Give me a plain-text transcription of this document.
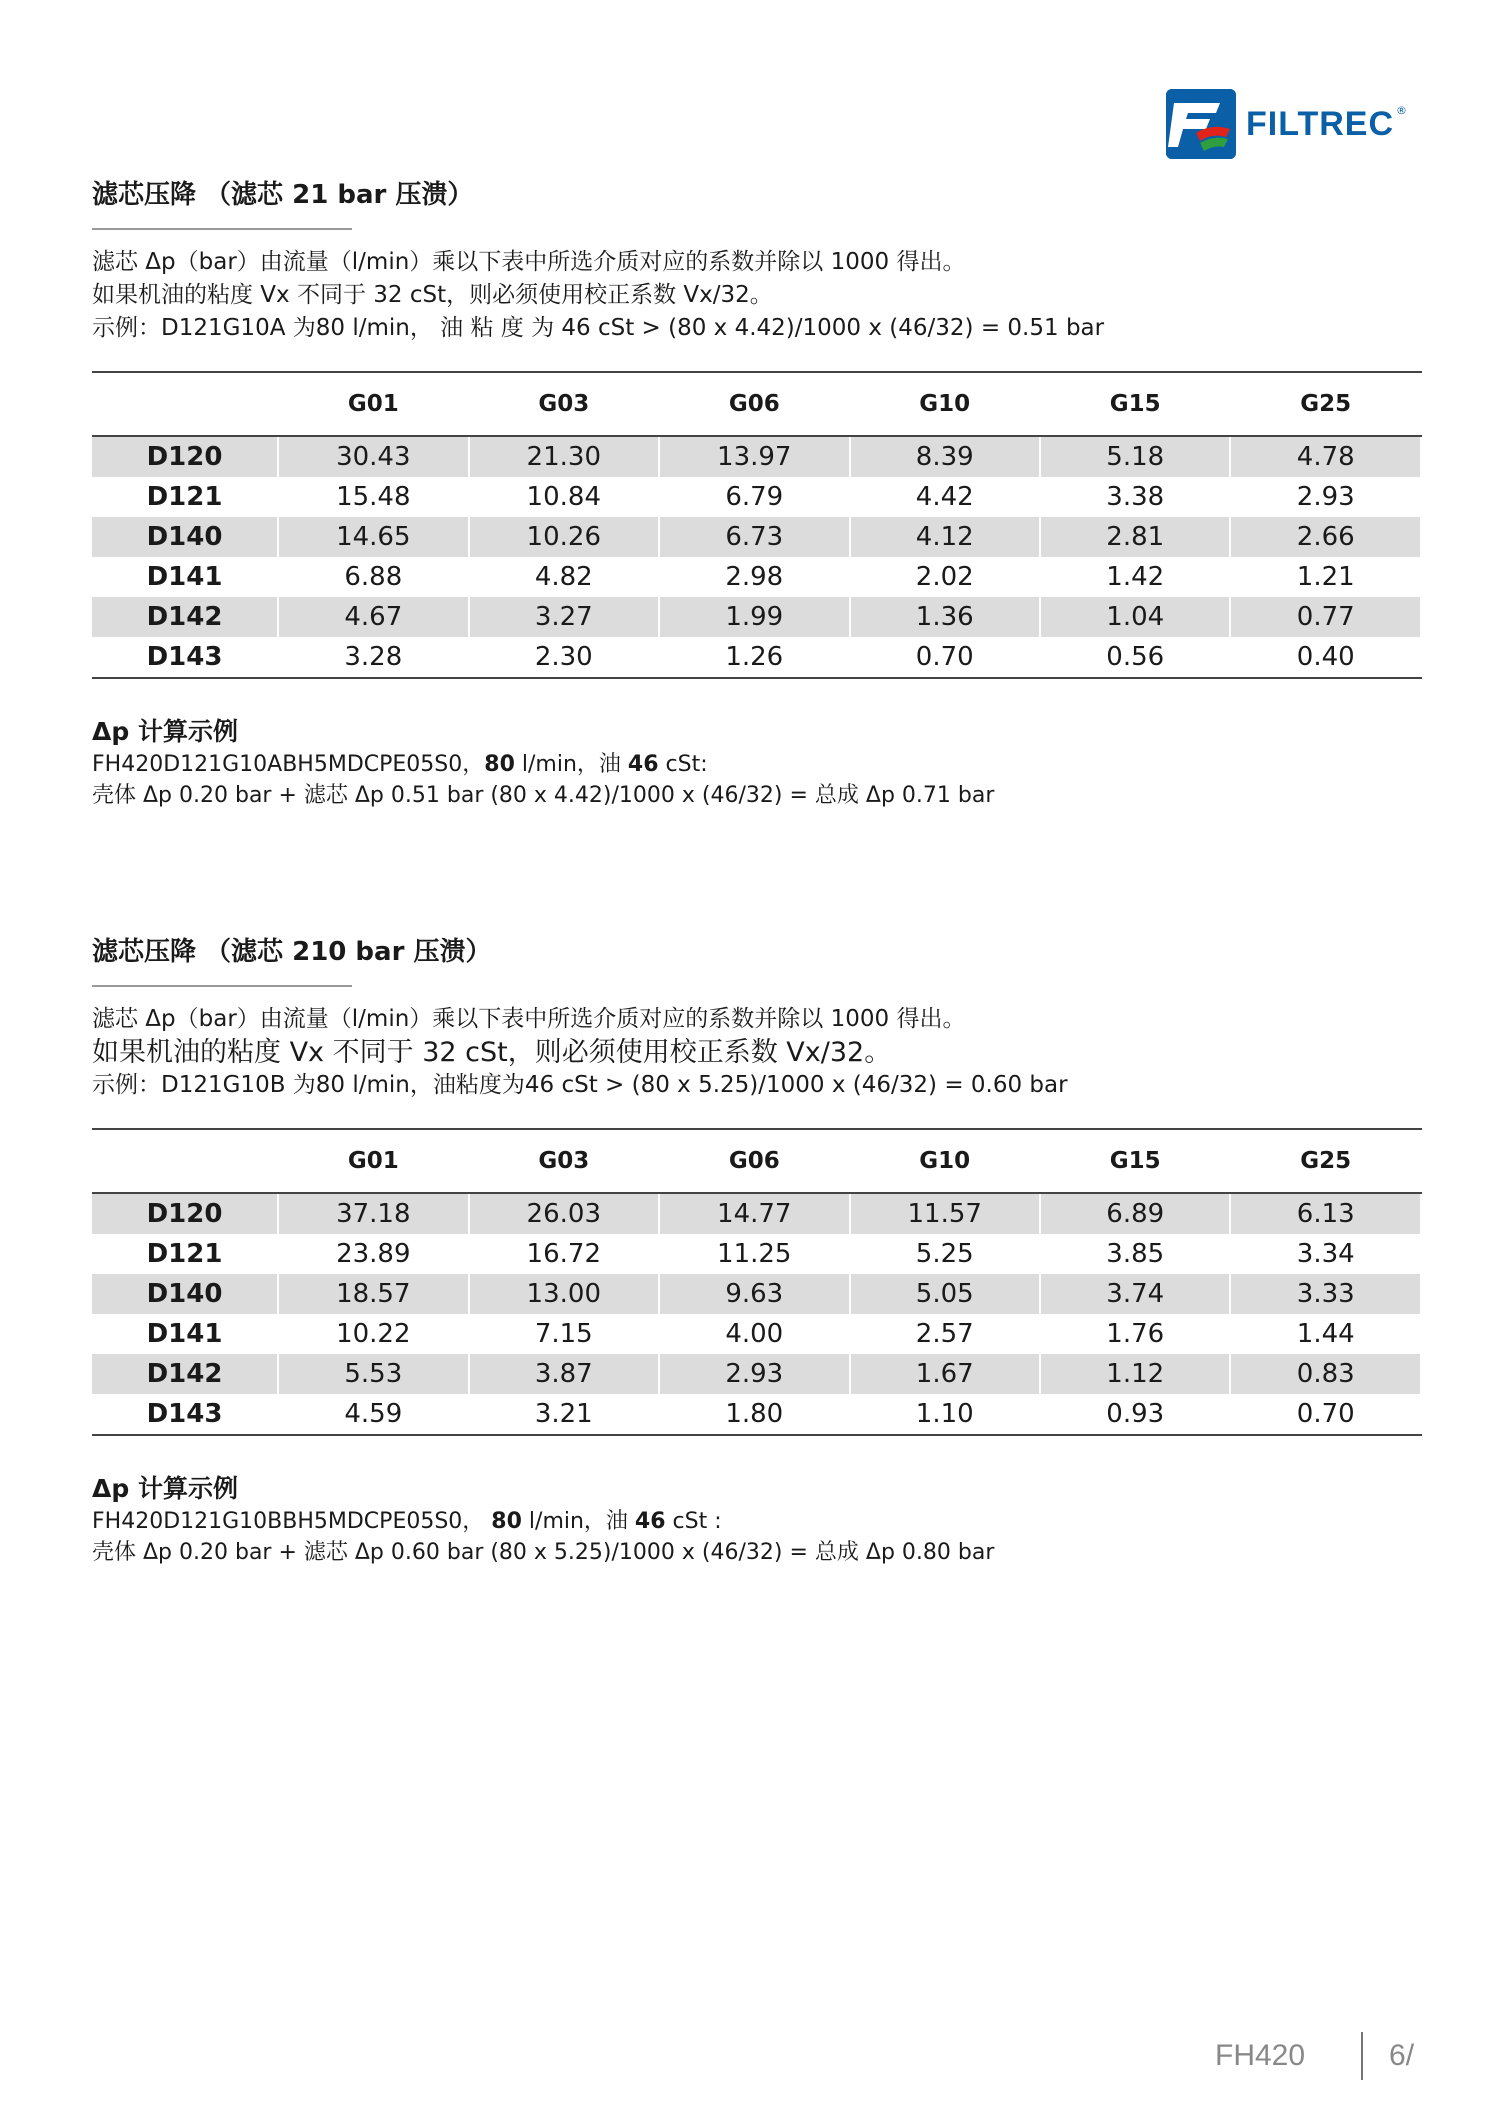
FILTREC ®
滤芯压降 （滤芯 21 bar 压溃）
滤芯 Δp（bar）由流量（l/min）乘以下表中所选介质对应的系数并除以 1000 得出。
如果机油的粘度 Vx 不同于 32 cSt，则必须使用校正系数 Vx/32。
示例：D121G10A 为80 l/min， 油 粘 度 为 46 cSt > (80 x 4.42)/1000 x (46/32) = 0.51 bar
	G01	G03	G06	G10	G15	G25
D120	30.43	21.30	13.97	8.39	5.18	4.78
D121	15.48	10.84	6.79	4.42	3.38	2.93
D140	14.65	10.26	6.73	4.12	2.81	2.66
D141	6.88	4.82	2.98	2.02	1.42	1.21
D142	4.67	3.27	1.99	1.36	1.04	0.77
D143	3.28	2.30	1.26	0.70	0.56	0.40
Δp 计算示例
FH420D121G10ABH5MDCPE05S0，80 l/min，油 46 cSt:
壳体 Δp 0.20 bar + 滤芯 Δp 0.51 bar (80 x 4.42)/1000 x (46/32) = 总成 Δp 0.71 bar
滤芯压降 （滤芯 210 bar 压溃）
滤芯 Δp（bar）由流量（l/min）乘以下表中所选介质对应的系数并除以 1000 得出。
如果机油的粘度 Vx 不同于 32 cSt，则必须使用校正系数 Vx/32。
示例：D121G10B 为80 l/min，油粘度为46 cSt > (80 x 5.25)/1000 x (46/32) = 0.60 bar
	G01	G03	G06	G10	G15	G25
D120	37.18	26.03	14.77	11.57	6.89	6.13
D121	23.89	16.72	11.25	5.25	3.85	3.34
D140	18.57	13.00	9.63	5.05	3.74	3.33
D141	10.22	7.15	4.00	2.57	1.76	1.44
D142	5.53	3.87	2.93	1.67	1.12	0.83
D143	4.59	3.21	1.80	1.10	0.93	0.70
Δp 计算示例
FH420D121G10BBH5MDCPE05S0， 80 l/min，油 46 cSt :
壳体 Δp 0.20 bar + 滤芯 Δp 0.60 bar (80 x 5.25)/1000 x (46/32) = 总成 Δp 0.80 bar
FH420	6/
